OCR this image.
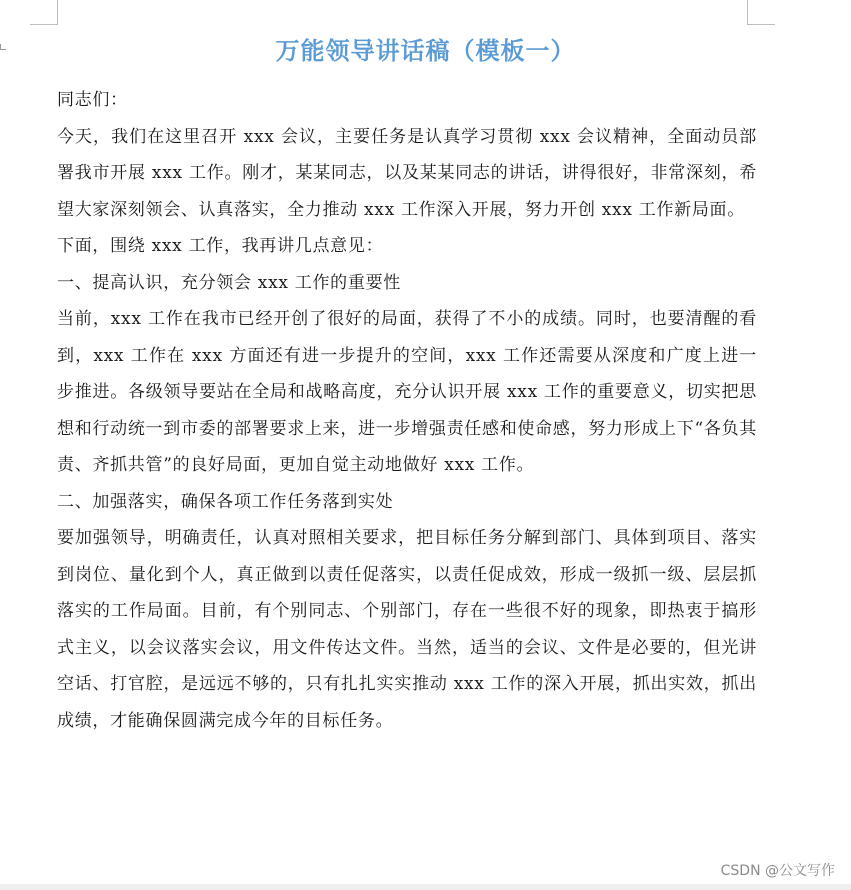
万能领导讲话稿（模板一）

同志们：

今天，我们在这里召开 xxx 会议，主要任务是认真学习贯彻 xxx 会议精神，全面动员部署我市开展 xxx 工作。刚才，某某同志，以及某某同志的讲话，讲得很好，非常深刻，希望大家深刻领会、认真落实，全力推动 xxx 工作深入开展，努力开创 xxx 工作新局面。

下面，围绕 xxx 工作，我再讲几点意见：

一、提高认识，充分领会 xxx 工作的重要性

当前，xxx 工作在我市已经开创了很好的局面，获得了不小的成绩。同时，也要清醒的看到，xxx 工作在 xxx 方面还有进一步提升的空间，xxx 工作还需要从深度和广度上进一步推进。各级领导要站在全局和战略高度，充分认识开展 xxx 工作的重要意义，切实把思想和行动统一到市委的部署要求上来，进一步增强责任感和使命感，努力形成上下“各负其责、齐抓共管”的良好局面，更加自觉主动地做好 xxx 工作。

二、加强落实，确保各项工作任务落到实处

要加强领导，明确责任，认真对照相关要求，把目标任务分解到部门、具体到项目、落实到岗位、量化到个人，真正做到以责任促落实，以责任促成效，形成一级抓一级、层层抓落实的工作局面。目前，有个别同志、个别部门，存在一些很不好的现象，即热衷于搞形式主义，以会议落实会议，用文件传达文件。当然，适当的会议、文件是必要的，但光讲空话、打官腔，是远远不够的，只有扎扎实实推动 xxx 工作的深入开展，抓出实效，抓出成绩，才能确保圆满完成今年的目标任务。

CSDN @公文写作
